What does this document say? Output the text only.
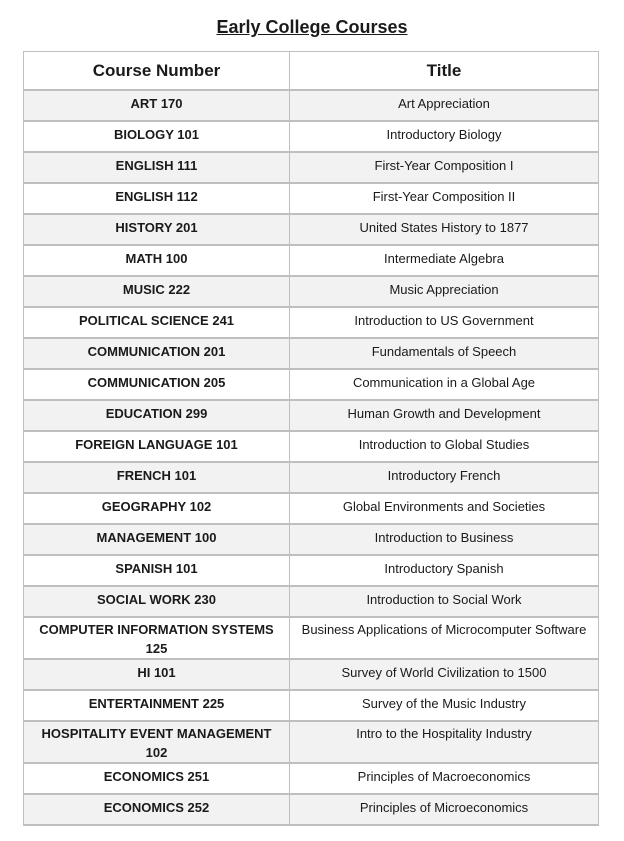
Early College Courses
Course Number	Title
ART 170	Art Appreciation
BIOLOGY 101	Introductory Biology
ENGLISH 111	First-Year Composition I
ENGLISH 112	First-Year Composition II
HISTORY 201	United States History to 1877
MATH 100	Intermediate Algebra
MUSIC 222	Music Appreciation
POLITICAL SCIENCE 241	Introduction to US Government
COMMUNICATION 201	Fundamentals of Speech
COMMUNICATION 205	Communication in a Global Age
EDUCATION 299	Human Growth and Development
FOREIGN LANGUAGE 101	Introduction to Global Studies
FRENCH 101	Introductory French
GEOGRAPHY 102	Global Environments and Societies
MANAGEMENT 100	Introduction to Business
SPANISH 101	Introductory Spanish
SOCIAL WORK 230	Introduction to Social Work
COMPUTER INFORMATION SYSTEMS 125	Business Applications of Microcomputer Software
HI 101	Survey of World Civilization to 1500
ENTERTAINMENT 225	Survey of the Music Industry
HOSPITALITY EVENT MANAGEMENT 102	Intro to the Hospitality Industry
ECONOMICS 251	Principles of Macroeconomics
ECONOMICS 252	Principles of Microeconomics
